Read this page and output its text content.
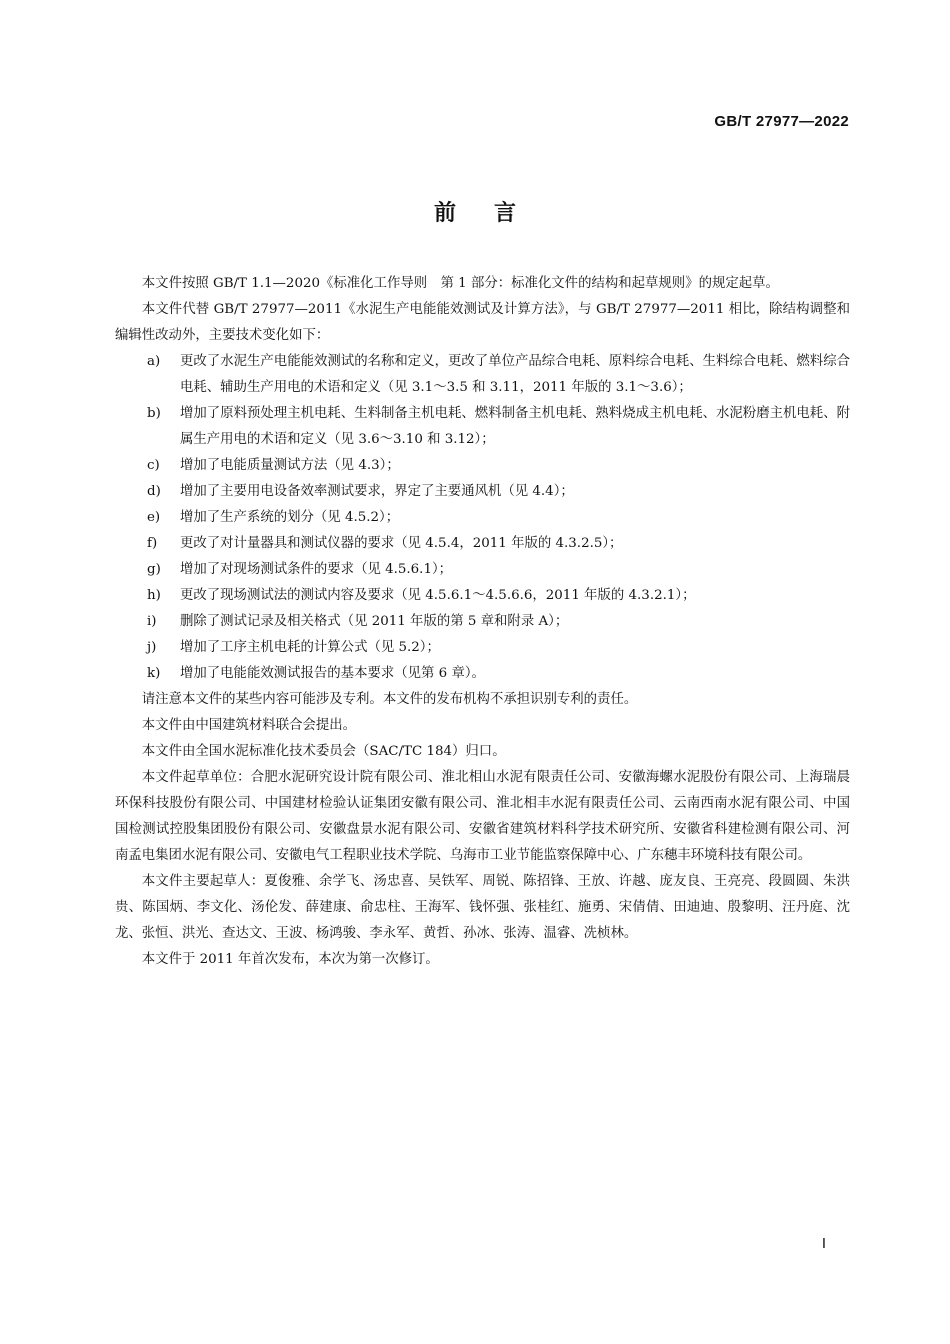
GB/T 27977—2022
前言

本文件按照 GB/T 1.1—2020《标准化工作导则　第 1 部分：标准化文件的结构和起草规则》的规定起草。

本文件代替 GB/T 27977—2011《水泥生产电能能效测试及计算方法》，与 GB/T 27977—2011 相比，除结构调整和编辑性改动外，主要技术变化如下：

a) 更改了水泥生产电能能效测试的名称和定义，更改了单位产品综合电耗、原料综合电耗、生料综合电耗、燃料综合电耗、辅助生产用电的术语和定义（见 3.1～3.5 和 3.11，2011 年版的 3.1～3.6）；
b) 增加了原料预处理主机电耗、生料制备主机电耗、燃料制备主机电耗、熟料烧成主机电耗、水泥粉磨主机电耗、附属生产用电的术语和定义（见 3.6～3.10 和 3.12）；
c) 增加了电能质量测试方法（见 4.3）；
d) 增加了主要用电设备效率测试要求，界定了主要通风机（见 4.4）；
e) 增加了生产系统的划分（见 4.5.2）；
f) 更改了对计量器具和测试仪器的要求（见 4.5.4，2011 年版的 4.3.2.5）；
g) 增加了对现场测试条件的要求（见 4.5.6.1）；
h) 更改了现场测试法的测试内容及要求（见 4.5.6.1～4.5.6.6，2011 年版的 4.3.2.1）；
i) 删除了测试记录及相关格式（见 2011 年版的第 5 章和附录 A）；
j) 增加了工序主机电耗的计算公式（见 5.2）；
k) 增加了电能能效测试报告的基本要求（见第 6 章）。

请注意本文件的某些内容可能涉及专利。本文件的发布机构不承担识别专利的责任。

本文件由中国建筑材料联合会提出。

本文件由全国水泥标准化技术委员会（SAC/TC 184）归口。

本文件起草单位：合肥水泥研究设计院有限公司、淮北相山水泥有限责任公司、安徽海螺水泥股份有限公司、上海瑞晨环保科技股份有限公司、中国建材检验认证集团安徽有限公司、淮北相丰水泥有限责任公司、云南西南水泥有限公司、中国国检测试控股集团股份有限公司、安徽盘景水泥有限公司、安徽省建筑材料科学技术研究所、安徽省科建检测有限公司、河南孟电集团水泥有限公司、安徽电气工程职业技术学院、乌海市工业节能监察保障中心、广东穗丰环境科技有限公司。

本文件主要起草人：夏俊雅、余学飞、汤忠喜、吴铁军、周锐、陈招锋、王放、许越、庞友良、王亮亮、段圆圆、朱洪贵、陈国炳、李文化、汤伦发、薛建康、俞忠柱、王海军、钱怀强、张桂红、施勇、宋倩倩、田迪迪、殷黎明、汪丹庭、沈龙、张恒、洪光、查达文、王波、杨鸿骏、李永军、黄哲、孙冰、张涛、温睿、冼桢林。

本文件于 2011 年首次发布，本次为第一次修订。

Ⅰ
